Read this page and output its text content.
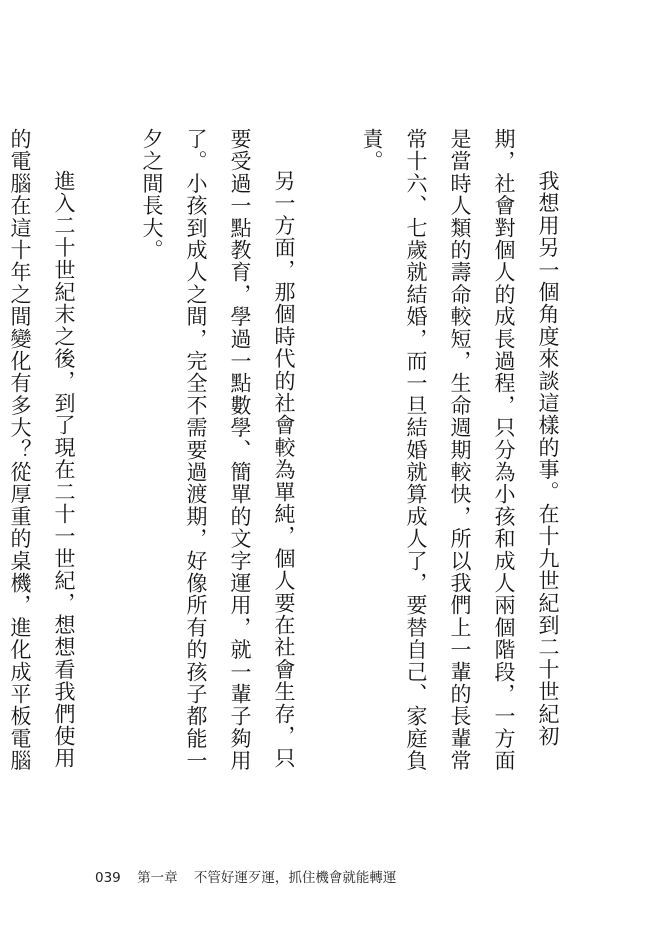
我想用另一個角度來談這樣的事。在十九世紀到二十世紀初期，社會對個人的成長過程，只分為小孩和成人兩個階段，一方面是當時人類的壽命較短，生命週期較快，所以我們上一輩的長輩常常十六、七歲就結婚，而一旦結婚就算成人了，要替自己、家庭負責。

另一方面，那個時代的社會較為單純，個人要在社會生存，只要受過一點教育，學過一點數學、簡單的文字運用，就一輩子夠用了。小孩到成人之間，完全不需要過渡期，好像所有的孩子都能一夕之間長大。

進入二十世紀末之後，到了現在二十一世紀，想想看我們使用的電腦在這十年之間變化有多大？從厚重的桌機，進化成平板電腦

039 第一章 不管好運歹運，抓住機會就能轉運
